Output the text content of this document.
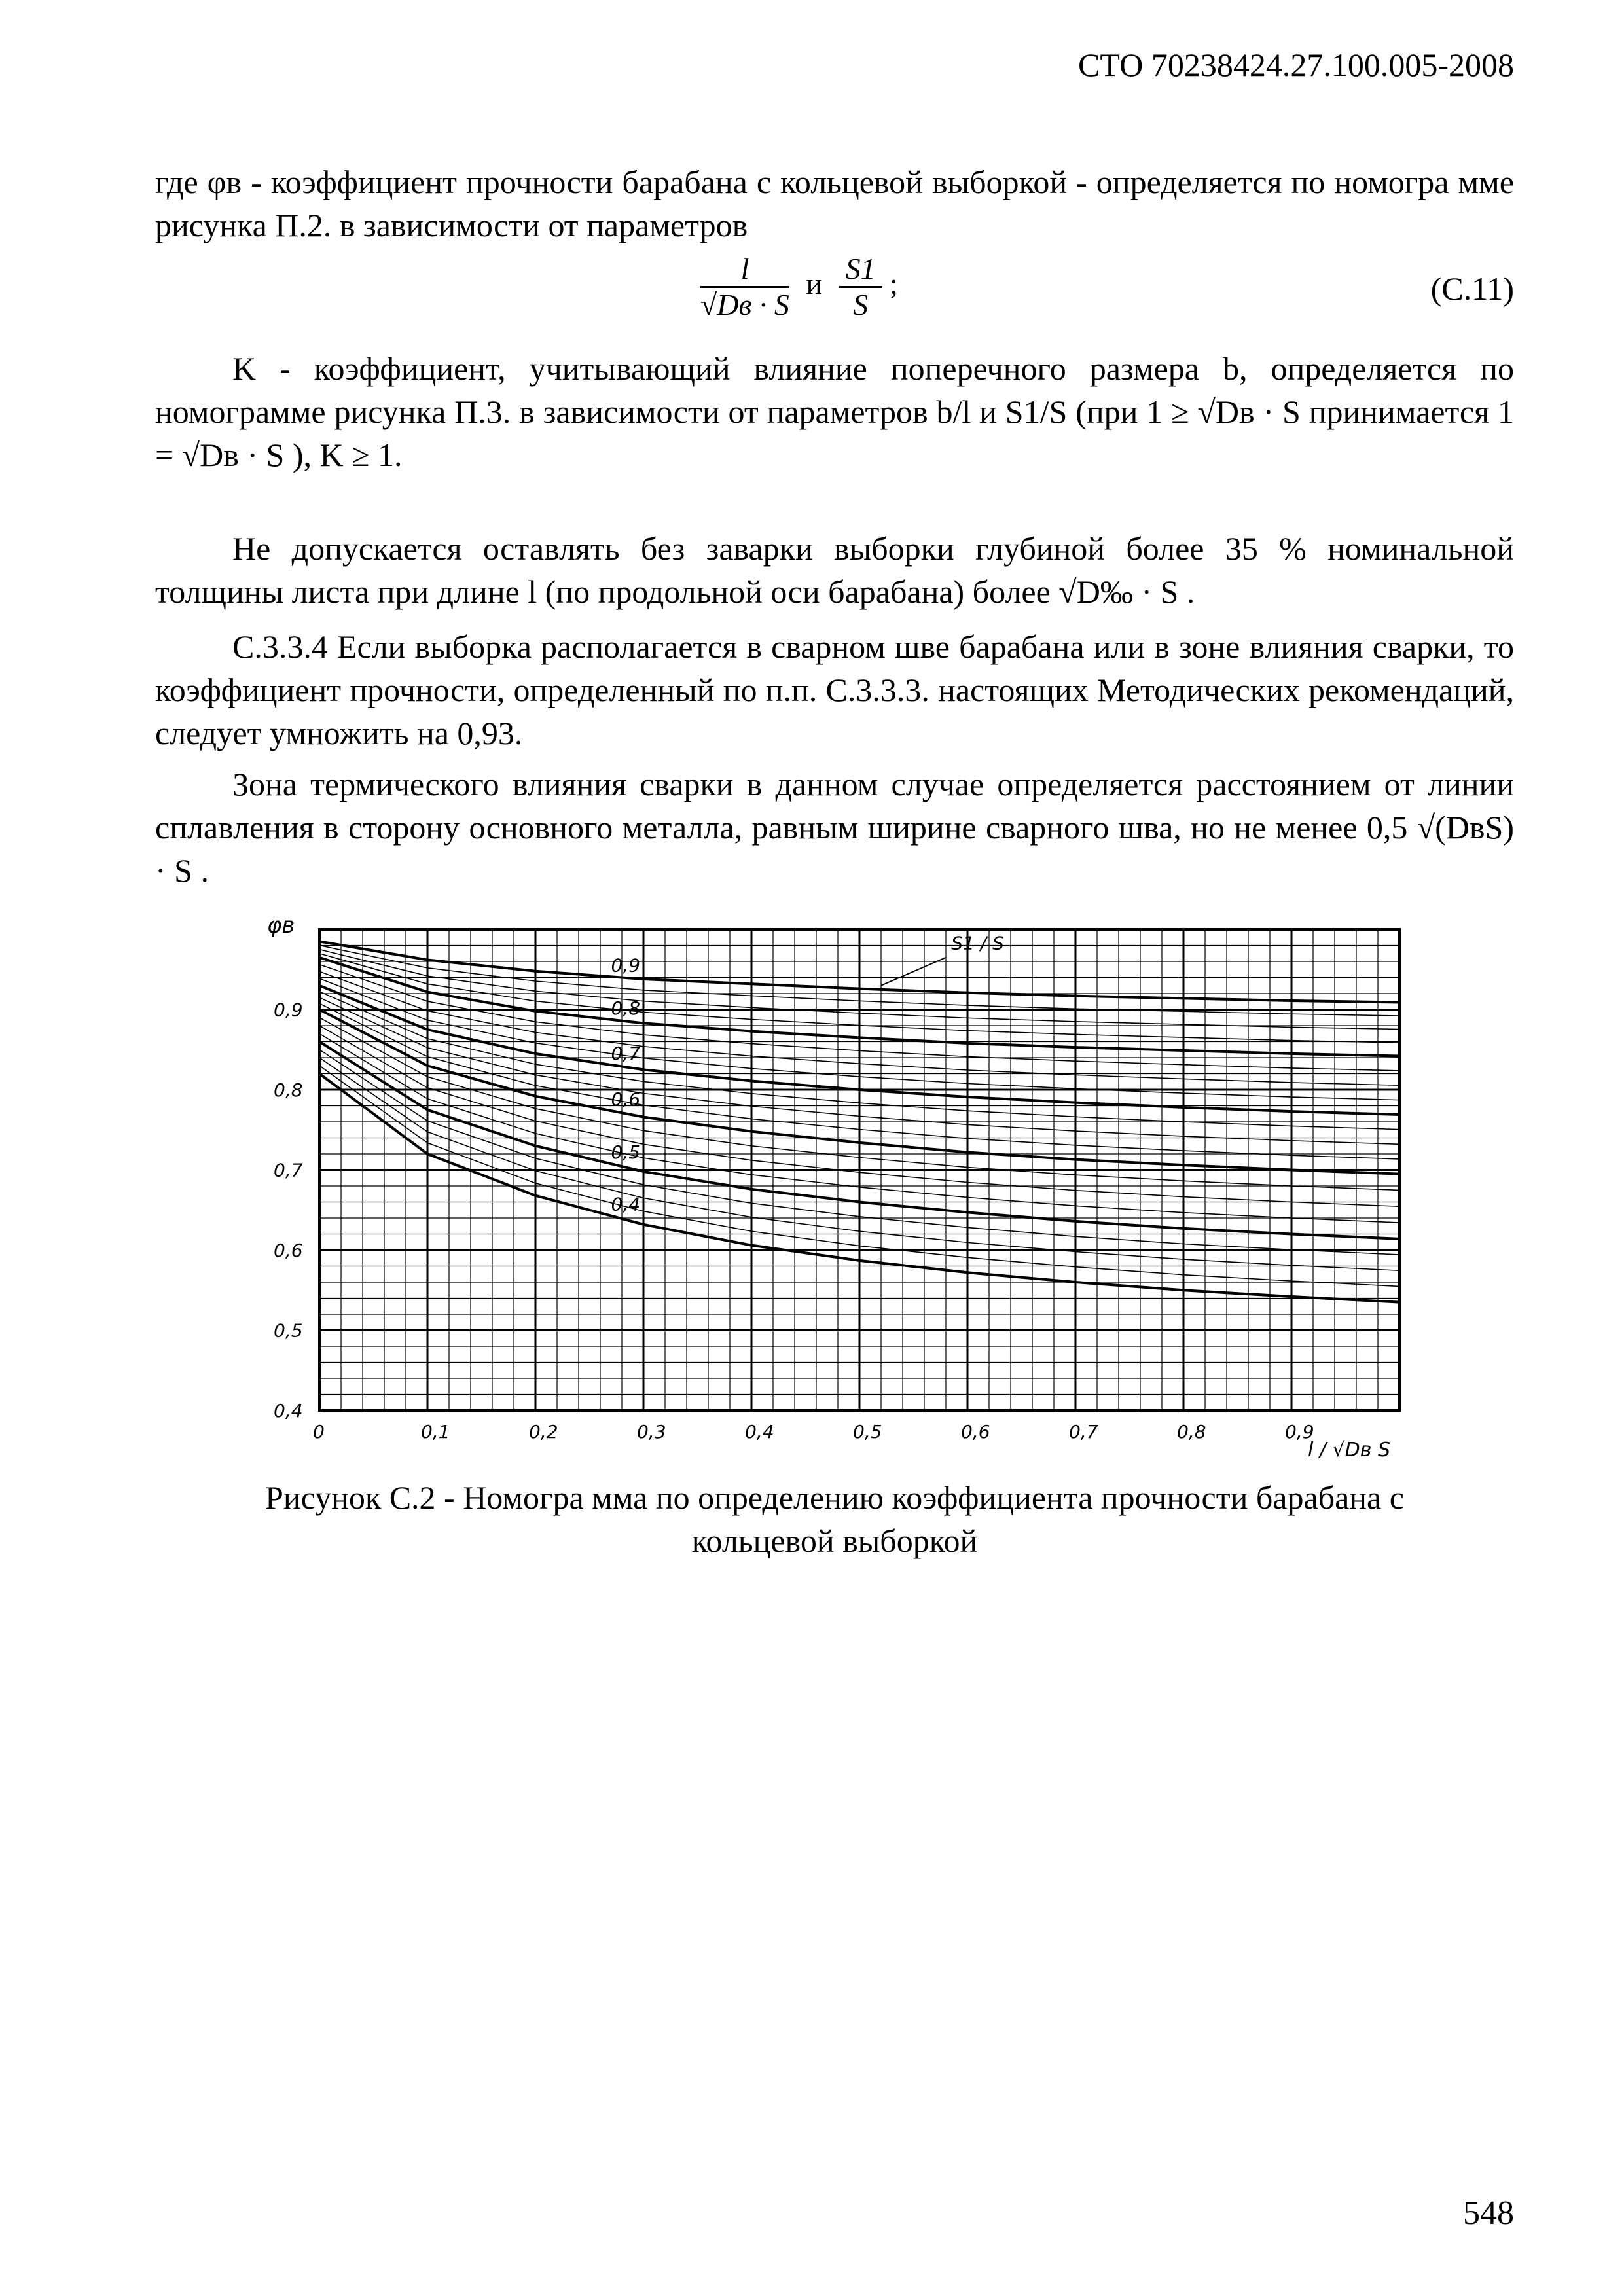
СТО 70238424.27.100.005-2008
где φв - коэффициент прочности барабана с кольцевой выборкой - определяется по номогра мме рисунка П.2. в зависимости от параметров
$\frac{l}{√Dв \cdot S}$ и $\frac{S1}{S}$ ;	(С.11)
K - коэффициент, учитывающий влияние поперечного размера b, определяется по номограмме рисунка П.3. в зависимости от параметров b/l и S1/S (при 1 ≥ √Dв · S принимается 1 = √Dв · S ), K ≥ 1.
Не допускается оставлять без заварки выборки глубиной более 35 % номинальной толщины листа при длине l (по продольной оси барабана) более √D‰ · S .
С.3.3.4 Если выборка располагается в сварном шве барабана или в зоне влияния сварки, то коэффициент прочности, определенный по п.п. С.3.3.3. настоящих Методических рекомендаций, следует умножить на 0,93.
Зона термического влияния сварки в данном случае определяется расстоянием от линии сплавления в сторону основного металла, равным ширине сварного шва, но не менее 0,5 √(DвS) · S .
0,9
0,8
0,7
0,6
0,5
0,4
S1 / S
0	0,1	0,2	0,3	0,4	0,5	0,6	0,7	0,8	0,9
0,4
0,5
0,6
0,7
0,8
0,9
φв
l / √Dв S
Рисунок С.2 - Номогра мма по определению коэффициента прочности барабана с
кольцевой выборкой
548
